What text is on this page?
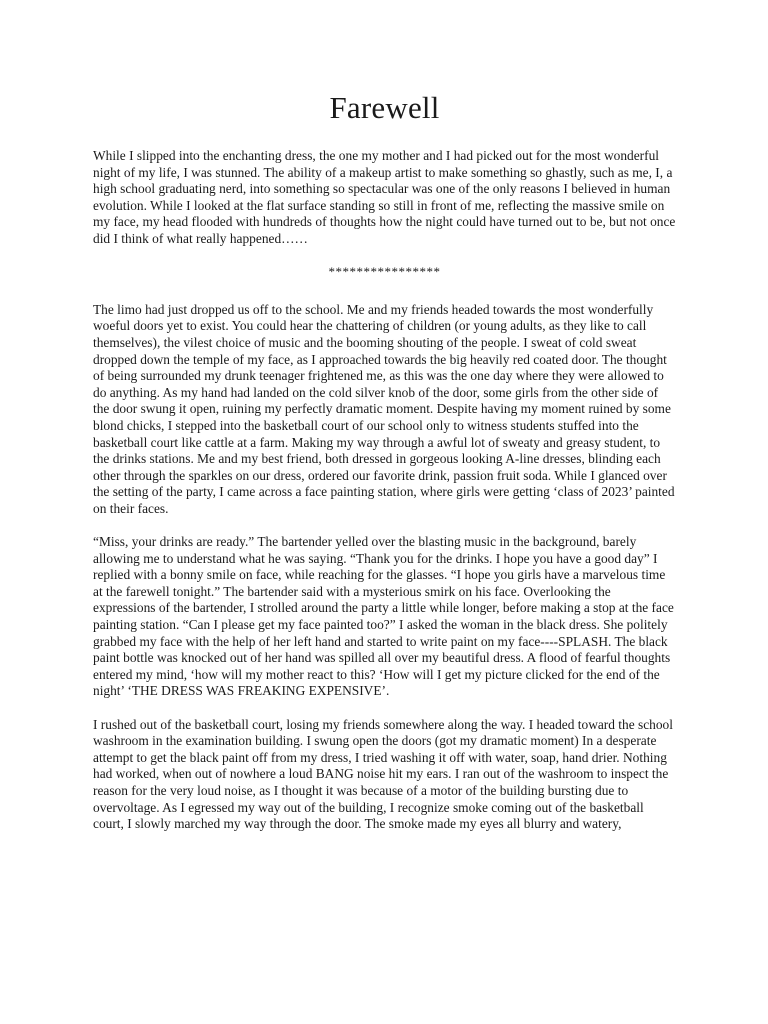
Farewell

While I slipped into the enchanting dress, the one my mother and I had picked out for the most wonderful night of my life, I was stunned. The ability of a makeup artist to make something so ghastly, such as me, I, a high school graduating nerd, into something so spectacular was one of the only reasons I believed in human evolution. While I looked at the flat surface standing so still in front of me, reflecting the massive smile on my face, my head flooded with hundreds of thoughts how the night could have turned out to be, but not once did I think of what really happened……

****************

The limo had just dropped us off to the school. Me and my friends headed towards the most wonderfully woeful doors yet to exist. You could hear the chattering of children (or young adults, as they like to call themselves), the vilest choice of music and the booming shouting of the people. I sweat of cold sweat dropped down the temple of my face, as I approached towards the big heavily red coated door. The thought of being surrounded my drunk teenager frightened me, as this was the one day where they were allowed to do anything. As my hand had landed on the cold silver knob of the door, some girls from the other side of the door swung it open, ruining my perfectly dramatic moment. Despite having my moment ruined by some blond chicks, I stepped into the basketball court of our school only to witness students stuffed into the basketball court like cattle at a farm. Making my way through a awful lot of sweaty and greasy student, to the drinks stations. Me and my best friend, both dressed in gorgeous looking A-line dresses, blinding each other through the sparkles on our dress, ordered our favorite drink, passion fruit soda. While I glanced over the setting of the party, I came across a face painting station, where girls were getting ‘class of 2023’ painted on their faces.

“Miss, your drinks are ready.” The bartender yelled over the blasting music in the background, barely allowing me to understand what he was saying. “Thank you for the drinks. I hope you have a good day” I replied with a bonny smile on face, while reaching for the glasses. “I hope you girls have a marvelous time at the farewell tonight.” The bartender said with a mysterious smirk on his face. Overlooking the expressions of the bartender, I strolled around the party a little while longer, before making a stop at the face painting station. “Can I please get my face painted too?” I asked the woman in the black dress. She politely grabbed my face with the help of her left hand and started to write paint on my face----SPLASH. The black paint bottle was knocked out of her hand was spilled all over my beautiful dress. A flood of fearful thoughts entered my mind, ‘how will my mother react to this? ‘How will I get my picture clicked for the end of the night’ ‘THE DRESS WAS FREAKING EXPENSIVE’.

I rushed out of the basketball court, losing my friends somewhere along the way. I headed toward the school washroom in the examination building. I swung open the doors (got my dramatic moment) In a desperate attempt to get the black paint off from my dress, I tried washing it off with water, soap, hand drier. Nothing had worked, when out of nowhere a loud BANG noise hit my ears. I ran out of the washroom to inspect the reason for the very loud noise, as I thought it was because of a motor of the building bursting due to overvoltage. As I egressed my way out of the building, I recognize smoke coming out of the basketball court, I slowly marched my way through the door. The smoke made my eyes all blurry and watery,
